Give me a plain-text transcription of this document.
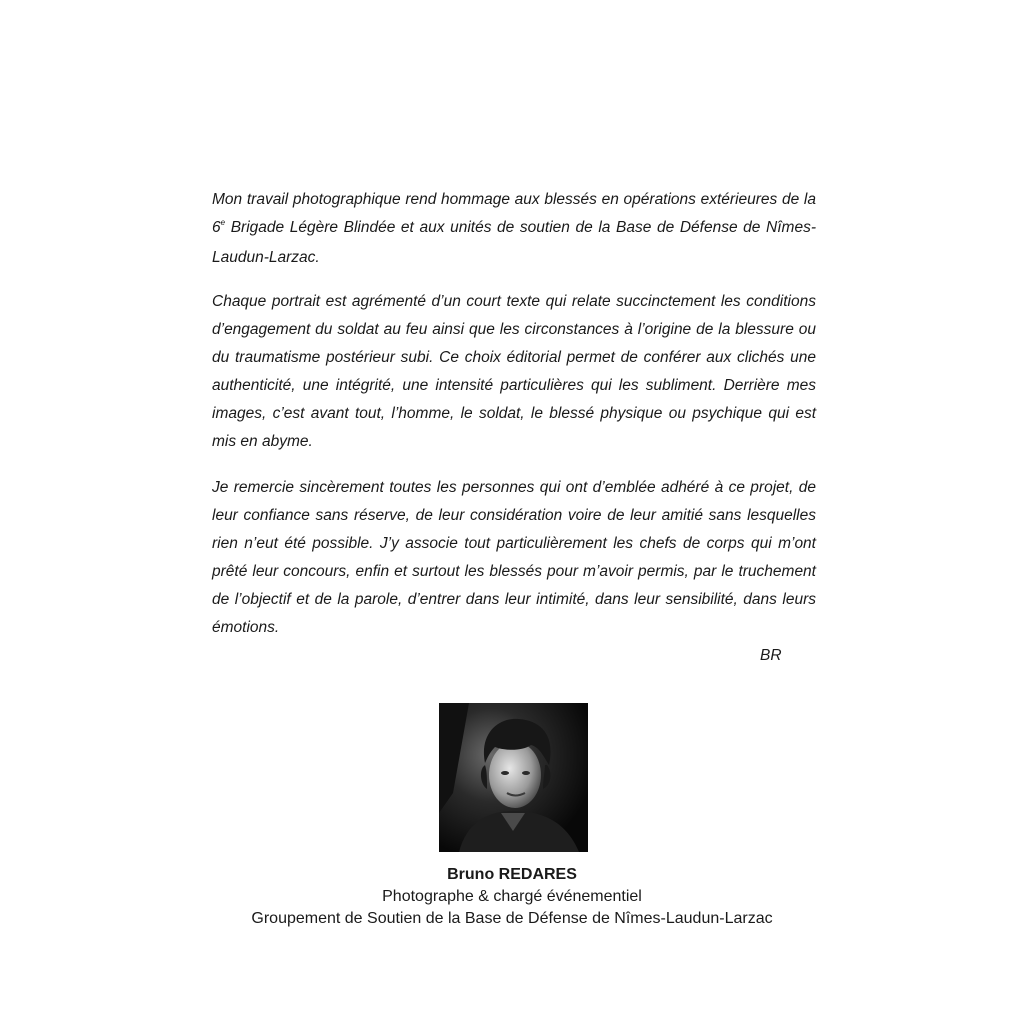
Mon travail photographique rend hommage aux blessés en opérations extérieures de la 6e Brigade Légère Blindée et aux unités de soutien de la Base de Défense de Nîmes-Laudun-Larzac.

Chaque portrait est agrémenté d’un court texte qui relate succinctement les conditions d’engagement du soldat au feu ainsi que les circonstances à l’origine de la blessure ou du traumatisme postérieur subi. Ce choix éditorial permet de conférer aux clichés une authenticité, une intégrité, une intensité particulières qui les subliment. Derrière mes images, c’est avant tout, l’homme, le soldat, le blessé physique ou psychique qui est mis en abyme.

Je remercie sincèrement toutes les personnes qui ont d’emblée adhéré à ce projet, de leur confiance sans réserve, de leur considération voire de leur amitié sans lesquelles rien n’eut été possible. J’y associe tout particulièrement les chefs de corps qui m’ont prêté leur concours, enfin et surtout les blessés pour m’avoir permis, par le truchement de l’objectif et de la parole, d’entrer dans leur intimité, dans leur sensibilité, dans leurs émotions.

BR
Bruno REDARES
Photographe & chargé événementiel
Groupement de Soutien de la Base de Défense de Nîmes-Laudun-Larzac
